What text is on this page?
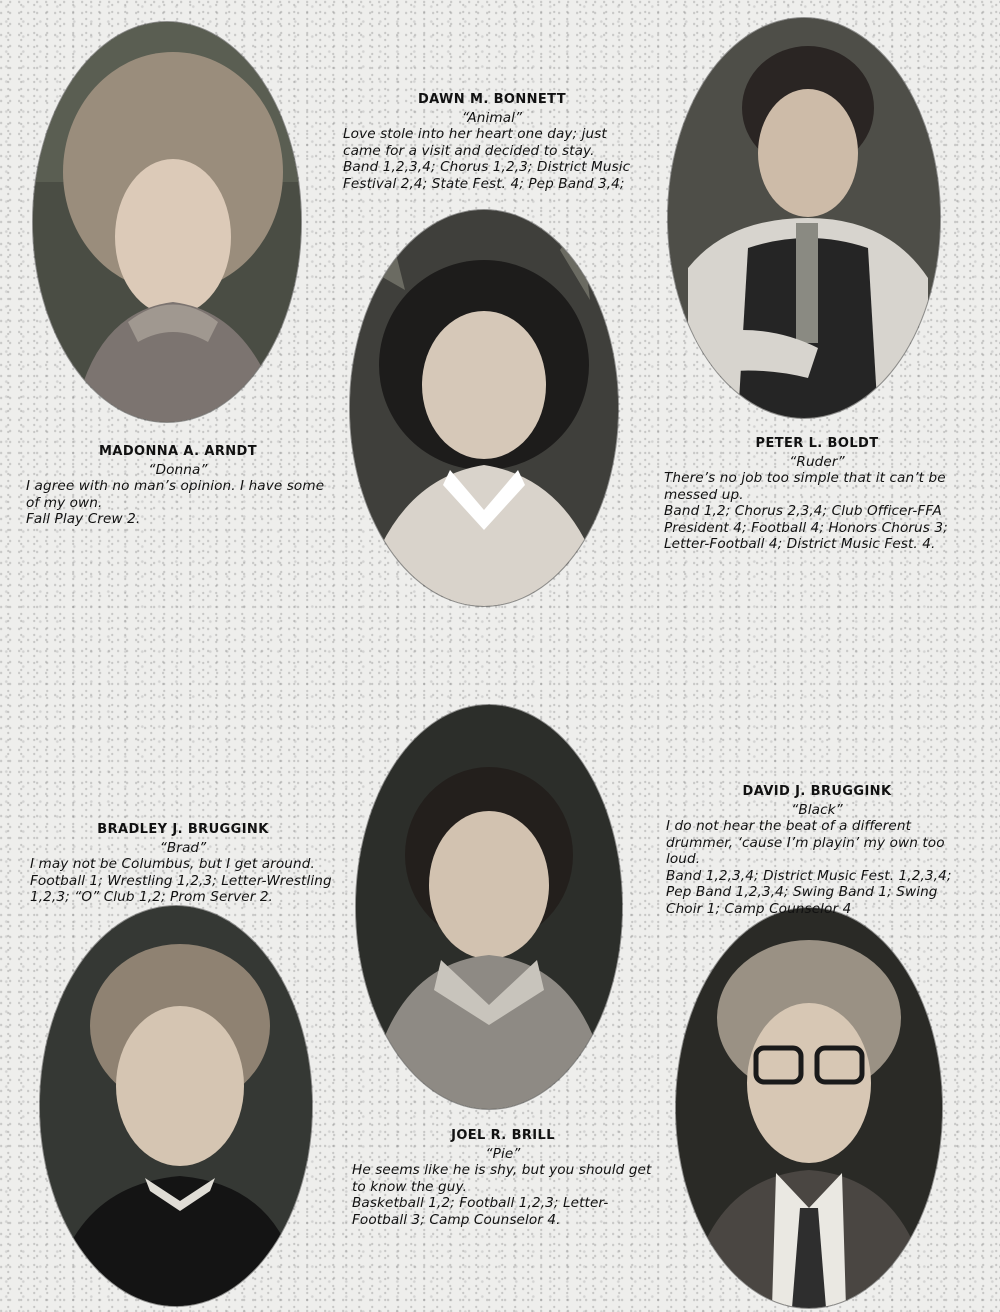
DAWN M. BONNETT
“Animal”

Love stole into her heart one day; just came for a visit and decided to stay.

Band 1,2,3,4; Chorus 1,2,3; District Music Festival 2,4; State Fest. 4; Pep Band 3,4;

MADONNA A. ARNDT
“Donna”

I agree with no man’s opinion. I have some of my own.

Fall Play Crew 2.

PETER L. BOLDT
“Ruder”

There’s no job too simple that it can’t be messed up.

Band 1,2; Chorus 2,3,4; Club Officer-FFA President 4; Football 4; Honors Chorus 3; Letter-Football 4; District Music Fest. 4.

BRADLEY J. BRUGGINK
“Brad”

I may not be Columbus, but I get around.

Football 1; Wrestling 1,2,3; Letter-Wrestling 1,2,3; “O” Club 1,2; Prom Server 2.

DAVID J. BRUGGINK
“Black”

I do not hear the beat of a different drummer, ‘cause I’m playin’ my own too loud.

Band 1,2,3,4; District Music Fest. 1,2,3,4; Pep Band 1,2,3,4; Swing Band 1; Swing Choir 1; Camp Counselor 4

JOEL R. BRILL
“Pie”

He seems like he is shy, but you should get to know the guy.

Basketball 1,2; Football 1,2,3; Letter-Football 3; Camp Counselor 4.
